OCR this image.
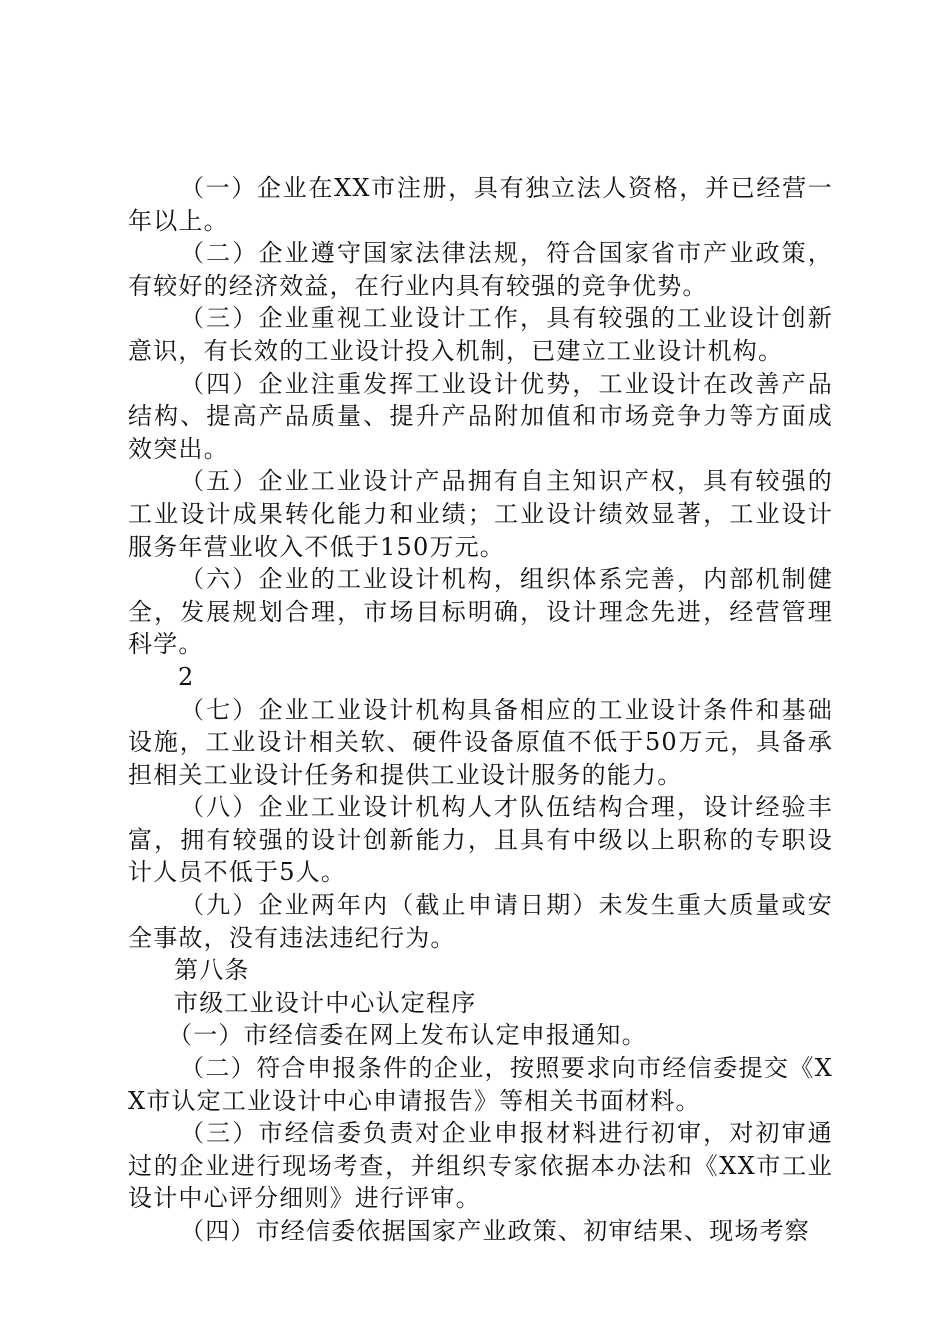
（一）企业在XX市注册，具有独立法人资格，并已经营一年以上。

（二）企业遵守国家法律法规，符合国家省市产业政策，有较好的经济效益，在行业内具有较强的竞争优势。

（三）企业重视工业设计工作，具有较强的工业设计创新意识，有长效的工业设计投入机制，已建立工业设计机构。

（四）企业注重发挥工业设计优势，工业设计在改善产品结构、提高产品质量、提升产品附加值和市场竞争力等方面成效突出。

（五）企业工业设计产品拥有自主知识产权，具有较强的工业设计成果转化能力和业绩；工业设计绩效显著，工业设计服务年营业收入不低于150万元。

（六）企业的工业设计机构，组织体系完善，内部机制健全，发展规划合理，市场目标明确，设计理念先进，经营管理科学。

2

（七）企业工业设计机构具备相应的工业设计条件和基础设施，工业设计相关软、硬件设备原值不低于50万元，具备承担相关工业设计任务和提供工业设计服务的能力。

（八）企业工业设计机构人才队伍结构合理，设计经验丰富，拥有较强的设计创新能力，且具有中级以上职称的专职设计人员不低于5人。

（九）企业两年内（截止申请日期）未发生重大质量或安全事故，没有违法违纪行为。

第八条

市级工业设计中心认定程序

（一）市经信委在网上发布认定申报通知。

（二）符合申报条件的企业，按照要求向市经信委提交《XX市认定工业设计中心申请报告》等相关书面材料。

（三）市经信委负责对企业申报材料进行初审，对初审通过的企业进行现场考查，并组织专家依据本办法和《XX市工业设计中心评分细则》进行评审。

（四）市经信委依据国家产业政策、初审结果、现场考察
